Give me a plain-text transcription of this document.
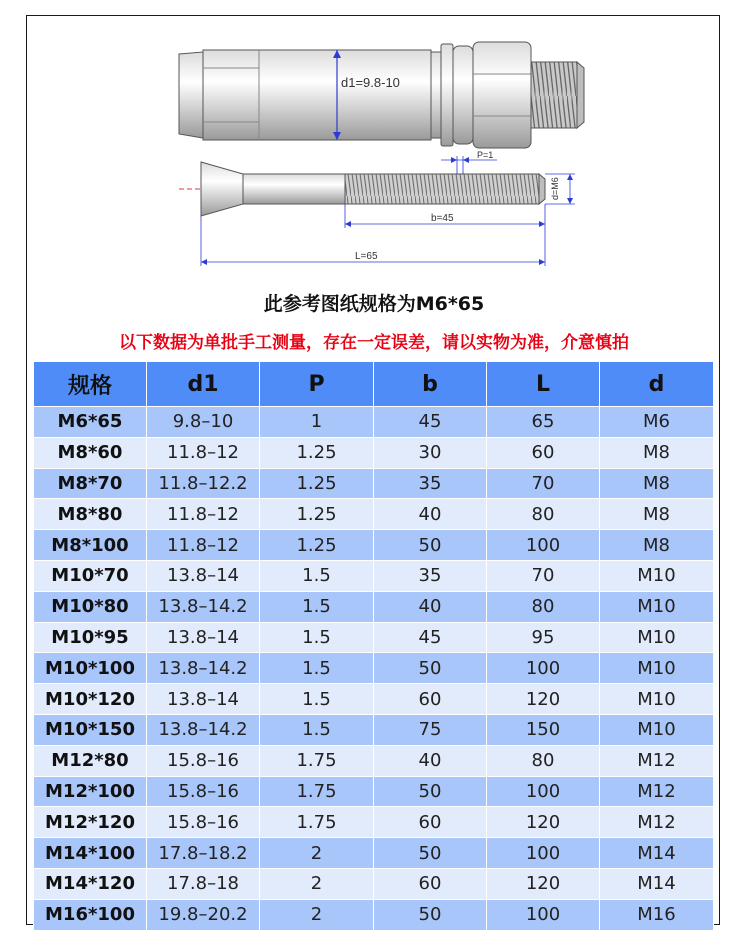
d1=9.8-10
P=1
d=M6
b=45
L=65
此参考图纸规格为M6*65
以下数据为单批手工测量，存在一定误差，请以实物为准，介意慎拍
规格	d1	P	b	L	d
M6*65	9.8–10	1	45	65	M6
M8*60	11.8–12	1.25	30	60	M8
M8*70	11.8–12.2	1.25	35	70	M8
M8*80	11.8–12	1.25	40	80	M8
M8*100	11.8–12	1.25	50	100	M8
M10*70	13.8–14	1.5	35	70	M10
M10*80	13.8–14.2	1.5	40	80	M10
M10*95	13.8–14	1.5	45	95	M10
M10*100	13.8–14.2	1.5	50	100	M10
M10*120	13.8–14	1.5	60	120	M10
M10*150	13.8–14.2	1.5	75	150	M10
M12*80	15.8–16	1.75	40	80	M12
M12*100	15.8–16	1.75	50	100	M12
M12*120	15.8–16	1.75	60	120	M12
M14*100	17.8–18.2	2	50	100	M14
M14*120	17.8–18	2	60	120	M14
M16*100	19.8–20.2	2	50	100	M16
